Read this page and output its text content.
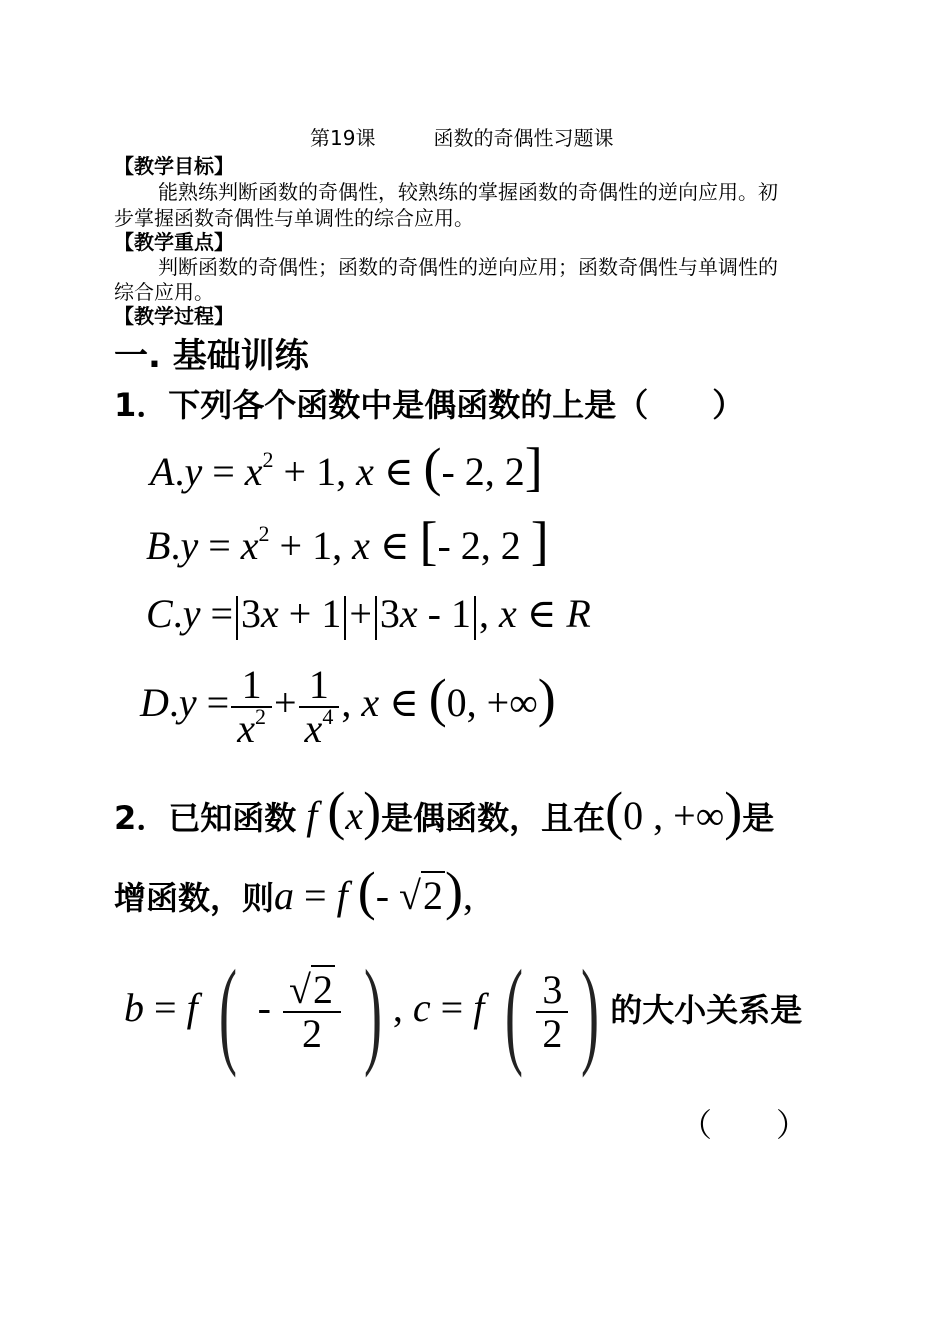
第19课	函数的奇偶性习题课
【教学目标】
能熟练判断函数的奇偶性，较熟练的掌握函数的奇偶性的逆向应用。初
步掌握函数奇偶性与单调性的综合应用。
【教学重点】
判断函数的奇偶性；函数的奇偶性的逆向应用；函数奇偶性与单调性的
综合应用。
【教学过程】
一. 基础训练
1．下列各个函数中是偶函数的上是（　　）
$A.y = x^2 + 1$, x ∈ (- 2, 2]
$B.y = x^2 + 1$, x ∈ [- 2, 2 ]
C.y = 3x + 1 + 3x - 1 , x ∈ R
$D.y = \frac{1}{x^2} + \frac{1}{x^4}$ , x ∈ (0, +∞)
2．已知函数 f (x)是偶函数，且在(0 , +∞)是
增函数，则a = f (- √2),
b = f ( - $\frac{√2}{2}$ ) , c = f ( $\frac{3}{2}$ ) 的大小关系是
（　　）
